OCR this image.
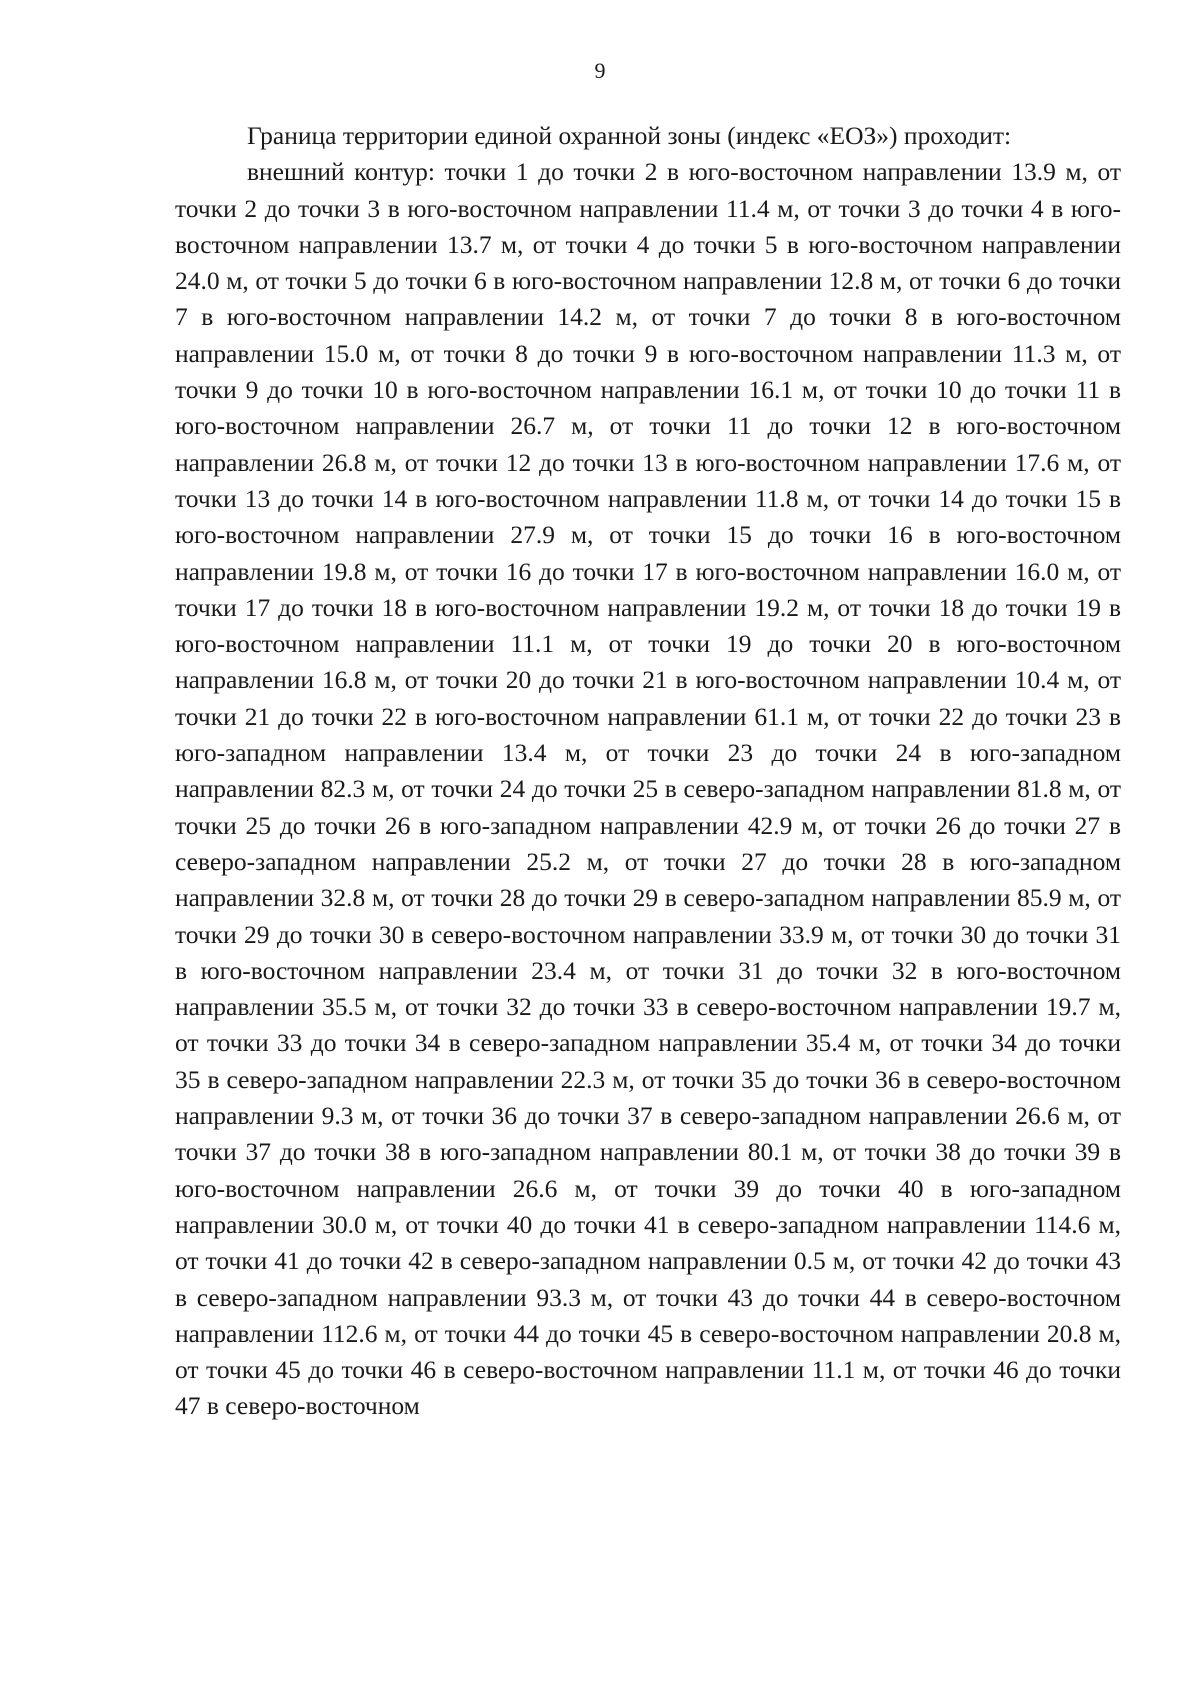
9

Граница территории единой охранной зоны (индекс «ЕОЗ») проходит:

внешний контур: точки 1 до точки 2 в юго-восточном направлении 13.9 м, от точки 2 до точки 3 в юго-восточном направлении 11.4 м, от точки 3 до точки 4 в юго-восточном направлении 13.7 м, от точки 4 до точки 5 в юго-восточном направлении 24.0 м, от точки 5 до точки 6 в юго-восточном направлении 12.8 м, от точки 6 до точки 7 в юго-восточном направлении 14.2 м, от точки 7 до точки 8 в юго-восточном направлении 15.0 м, от точки 8 до точки 9 в юго-восточном направлении 11.3 м, от точки 9 до точки 10 в юго-восточном направлении 16.1 м, от точки 10 до точки 11 в юго-восточном направлении 26.7 м, от точки 11 до точки 12 в юго-восточном направлении 26.8 м, от точки 12 до точки 13 в юго-восточном направлении 17.6 м, от точки 13 до точки 14 в юго-восточном направлении 11.8 м, от точки 14 до точки 15 в юго-восточном направлении 27.9 м, от точки 15 до точки 16 в юго-восточном направлении 19.8 м, от точки 16 до точки 17 в юго-восточном направлении 16.0 м, от точки 17 до точки 18 в юго-восточном направлении 19.2 м, от точки 18 до точки 19 в юго-восточном направлении 11.1 м, от точки 19 до точки 20 в юго-восточном направлении 16.8 м, от точки 20 до точки 21 в юго-восточном направлении 10.4 м, от точки 21 до точки 22 в юго-восточном направлении 61.1 м, от точки 22 до точки 23 в юго-западном направлении 13.4 м, от точки 23 до точки 24 в юго-западном направлении 82.3 м, от точки 24 до точки 25 в северо-западном направлении 81.8 м, от точки 25 до точки 26 в юго-западном направлении 42.9 м, от точки 26 до точки 27 в северо-западном направлении 25.2 м, от точки 27 до точки 28 в юго-западном направлении 32.8 м, от точки 28 до точки 29 в северо-западном направлении 85.9 м, от точки 29 до точки 30 в северо-восточном направлении 33.9 м, от точки 30 до точки 31 в юго-восточном направлении 23.4 м, от точки 31 до точки 32 в юго-восточном направлении 35.5 м, от точки 32 до точки 33 в северо-восточном направлении 19.7 м, от точки 33 до точки 34 в северо-западном направлении 35.4 м, от точки 34 до точки 35 в северо-западном направлении 22.3 м, от точки 35 до точки 36 в северо-восточном направлении 9.3 м, от точки 36 до точки 37 в северо-западном направлении 26.6 м, от точки 37 до точки 38 в юго-западном направлении 80.1 м, от точки 38 до точки 39 в юго-восточном направлении 26.6 м, от точки 39 до точки 40 в юго-западном направлении 30.0 м, от точки 40 до точки 41 в северо-западном направлении 114.6 м, от точки 41 до точки 42 в северо-западном направлении 0.5 м, от точки 42 до точки 43 в северо-западном направлении 93.3 м, от точки 43 до точки 44 в северо-восточном направлении 112.6 м, от точки 44 до точки 45 в северо-восточном направлении 20.8 м, от точки 45 до точки 46 в северо-восточном направлении 11.1 м, от точки 46 до точки 47 в северо-восточном
